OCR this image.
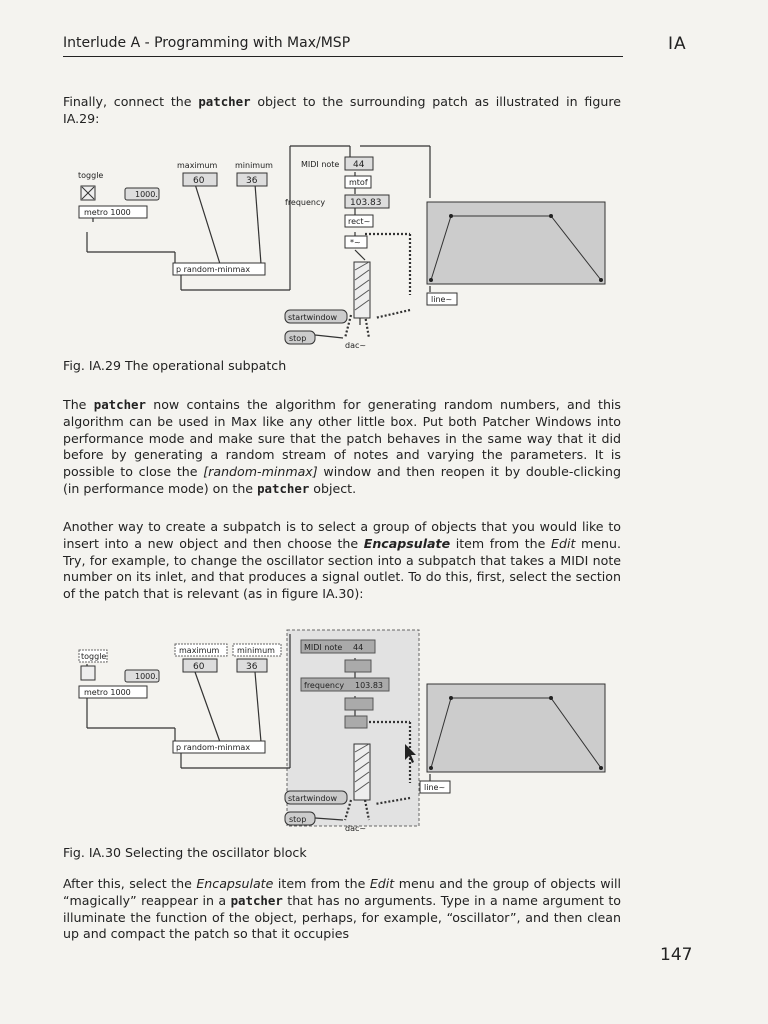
Interlude A - Programming with Max/MSP	IA

Finally, connect the patcher object to the surrounding patch as illustrated in figure IA.29:

toggle
1000.
metro 1000
maximum minimum
60	36
p random-minmax
MIDI note 44
mtof
frequency	103.83
rect~
*~
startwindow
stop
dac~
line~
Fig. IA.29 The operational subpatch

The patcher now contains the algorithm for generating random numbers, and this algorithm can be used in Max like any other little box. Put both Patcher Windows into performance mode and make sure that the patch behaves in the same way that it did before by generating a random stream of notes and varying the parameters. It is possible to close the [random-minmax] window and then reopen it by double-clicking (in performance mode) on the patcher object.

Another way to create a subpatch is to select a group of objects that you would like to insert into a new object and then choose the Encapsulate item from the Edit menu. Try, for example, to change the oscillator section into a subpatch that takes a MIDI note number on its inlet, and that produces a signal outlet. To do this, first, select the section of the patch that is relevant (as in figure IA.30):

toggle
1000.
metro 1000
maximum minimum
60	36
p random-minmax
MIDI note 44
frequency 103.83
startwindow
stop
dac~
line~
Fig. IA.30 Selecting the oscillator block

After this, select the Encapsulate item from the Edit menu and the group of objects will “magically” reappear in a patcher that has no arguments. Type in a name argument to illuminate the function of the object, perhaps, for example, “oscillator”, and then clean up and compact the patch so that it occupies

147
